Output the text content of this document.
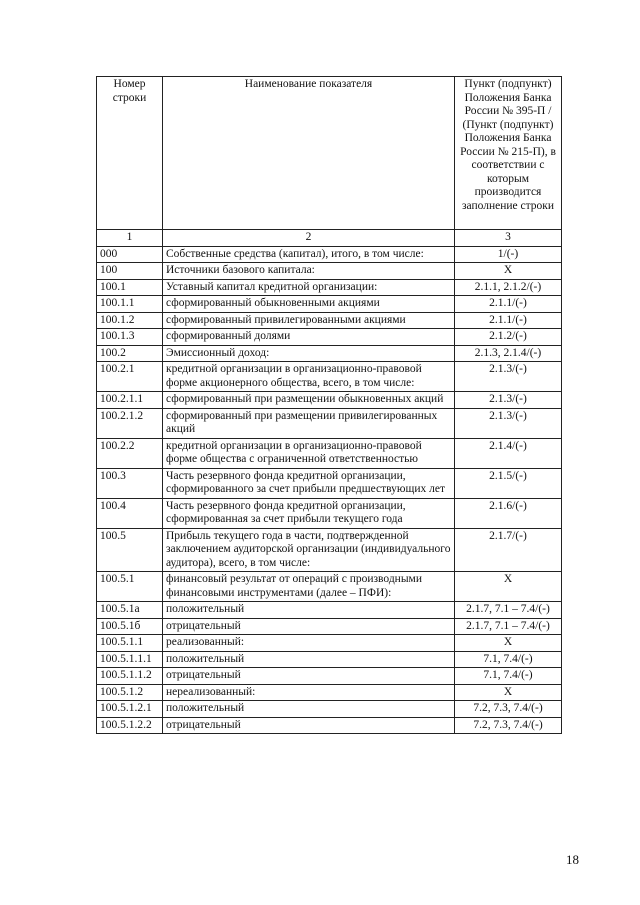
Номер строки	Наименование показателя	Пункт (подпункт) Положения Банка России № 395-П / (Пункт (подпункт) Положения Банка России № 215-П), в соответствии с которым производится заполнение строки
1	2	3
000	Собственные средства (капитал), итого, в том числе:	1/(-)
100	Источники базового капитала:	X
100.1	Уставный капитал кредитной организации:	2.1.1, 2.1.2/(-)
100.1.1	сформированный обыкновенными акциями	2.1.1/(-)
100.1.2	сформированный привилегированными акциями	2.1.1/(-)
100.1.3	сформированный долями	2.1.2/(-)
100.2	Эмиссионный доход:	2.1.3, 2.1.4/(-)
100.2.1	кредитной организации в организационно-правовой форме акционерного общества, всего, в том числе:	2.1.3/(-)
100.2.1.1	сформированный при размещении обыкновенных акций	2.1.3/(-)
100.2.1.2	сформированный при размещении привилегированных акций	2.1.3/(-)
100.2.2	кредитной организации в организационно-правовой форме общества с ограниченной ответственностью	2.1.4/(-)
100.3	Часть резервного фонда кредитной организации, сформированного за счет прибыли предшествующих лет	2.1.5/(-)
100.4	Часть резервного фонда кредитной организации, сформированная за счет прибыли текущего года	2.1.6/(-)
100.5	Прибыль текущего года в части, подтвержденной заключением аудиторской организации (индивидуального аудитора), всего, в том числе:	2.1.7/(-)
100.5.1	финансовый результат от операций с производными финансовыми инструментами (далее – ПФИ):	X
100.5.1а	положительный	2.1.7, 7.1 – 7.4/(-)
100.5.1б	отрицательный	2.1.7, 7.1 – 7.4/(-)
100.5.1.1	реализованный:	X
100.5.1.1.1	положительный	7.1, 7.4/(-)
100.5.1.1.2	отрицательный	7.1, 7.4/(-)
100.5.1.2	нереализованный:	X
100.5.1.2.1	положительный	7.2, 7.3, 7.4/(-)
100.5.1.2.2	отрицательный	7.2, 7.3, 7.4/(-)
18
